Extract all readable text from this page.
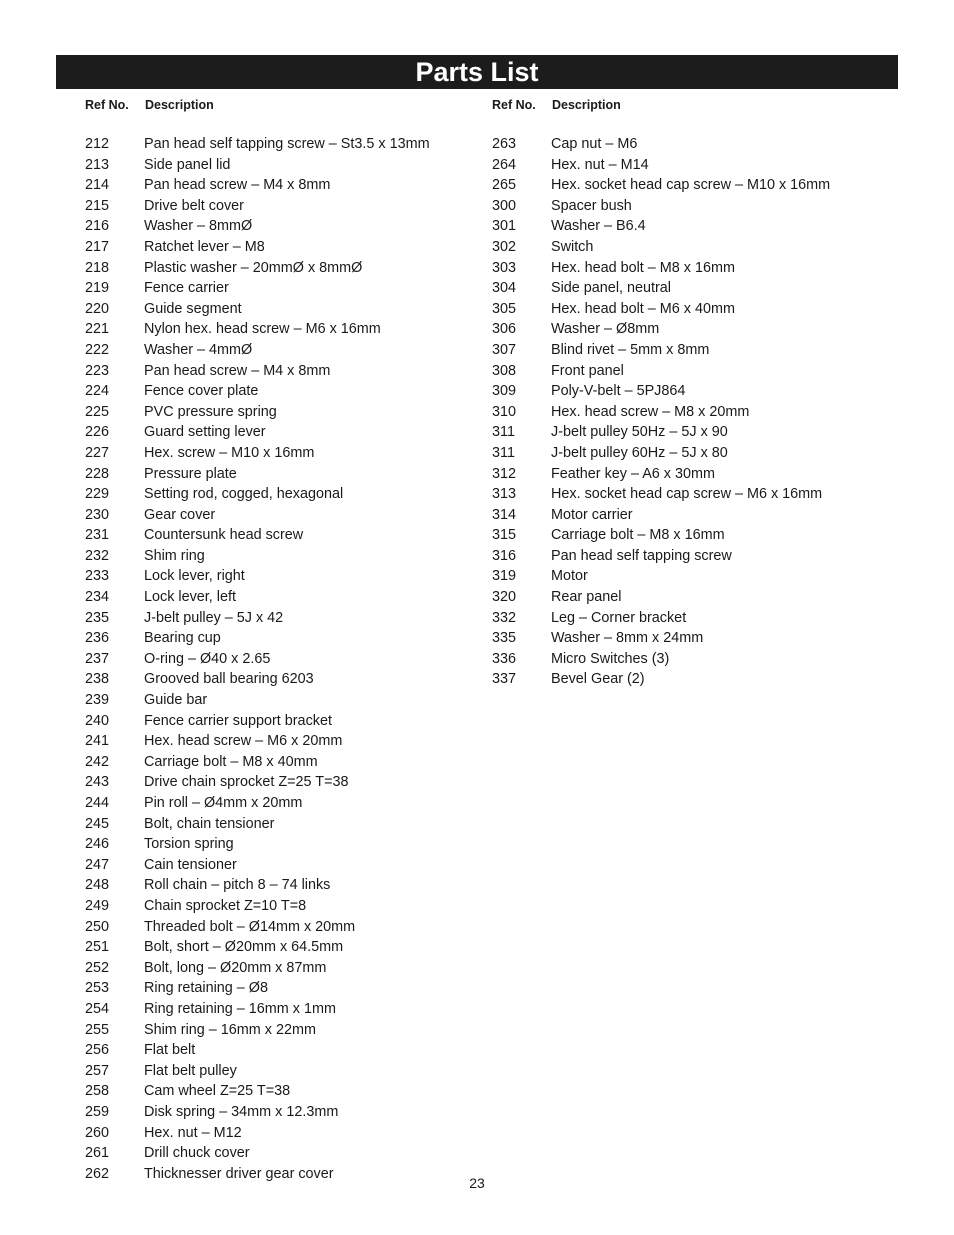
Parts List
Ref No. Description
212 Pan head self tapping screw – St3.5 x 13mm
213 Side panel lid
214 Pan head screw – M4 x 8mm
215 Drive belt cover
216 Washer – 8mmØ
217 Ratchet lever – M8
218 Plastic washer – 20mmØ x 8mmØ
219 Fence carrier
220 Guide segment
221 Nylon hex. head screw – M6 x 16mm
222 Washer – 4mmØ
223 Pan head screw – M4 x 8mm
224 Fence cover plate
225 PVC pressure spring
226 Guard setting lever
227 Hex. screw – M10 x 16mm
228 Pressure plate
229 Setting rod, cogged, hexagonal
230 Gear cover
231 Countersunk head screw
232 Shim ring
233 Lock lever, right
234 Lock lever, left
235 J-belt pulley – 5J x 42
236 Bearing cup
237 O-ring – Ø40 x 2.65
238 Grooved ball bearing 6203
239 Guide bar
240 Fence carrier support bracket
241 Hex. head screw – M6 x 20mm
242 Carriage bolt – M8 x 40mm
243 Drive chain sprocket Z=25 T=38
244 Pin roll – Ø4mm x 20mm
245 Bolt, chain tensioner
246 Torsion spring
247 Cain tensioner
248 Roll chain – pitch 8 – 74 links
249 Chain sprocket Z=10 T=8
250 Threaded bolt – Ø14mm x 20mm
251 Bolt, short – Ø20mm x 64.5mm
252 Bolt, long – Ø20mm x 87mm
253 Ring retaining – Ø8
254 Ring retaining – 16mm x 1mm
255 Shim ring – 16mm x 22mm
256 Flat belt
257 Flat belt pulley
258 Cam wheel Z=25 T=38
259 Disk spring – 34mm x 12.3mm
260 Hex. nut – M12
261 Drill chuck cover
262 Thicknesser driver gear cover
Ref No. Description
263 Cap nut – M6
264 Hex. nut – M14
265 Hex. socket head cap screw – M10 x 16mm
300 Spacer bush
301 Washer – B6.4
302 Switch
303 Hex. head bolt – M8 x 16mm
304 Side panel, neutral
305 Hex. head bolt – M6 x 40mm
306 Washer – Ø8mm
307 Blind rivet – 5mm x 8mm
308 Front panel
309 Poly-V-belt – 5PJ864
310 Hex. head screw – M8 x 20mm
311	J-belt pulley 50Hz – 5J x 90
311	J-belt pulley 60Hz – 5J x 80
312 Feather key – A6 x 30mm
313 Hex. socket head cap screw – M6 x 16mm
314 Motor carrier
315 Carriage bolt – M8 x 16mm
316 Pan head self tapping screw
319 Motor
320 Rear panel
332 Leg – Corner bracket
335 Washer – 8mm x 24mm
336 Micro Switches (3)
337 Bevel Gear (2)
23
